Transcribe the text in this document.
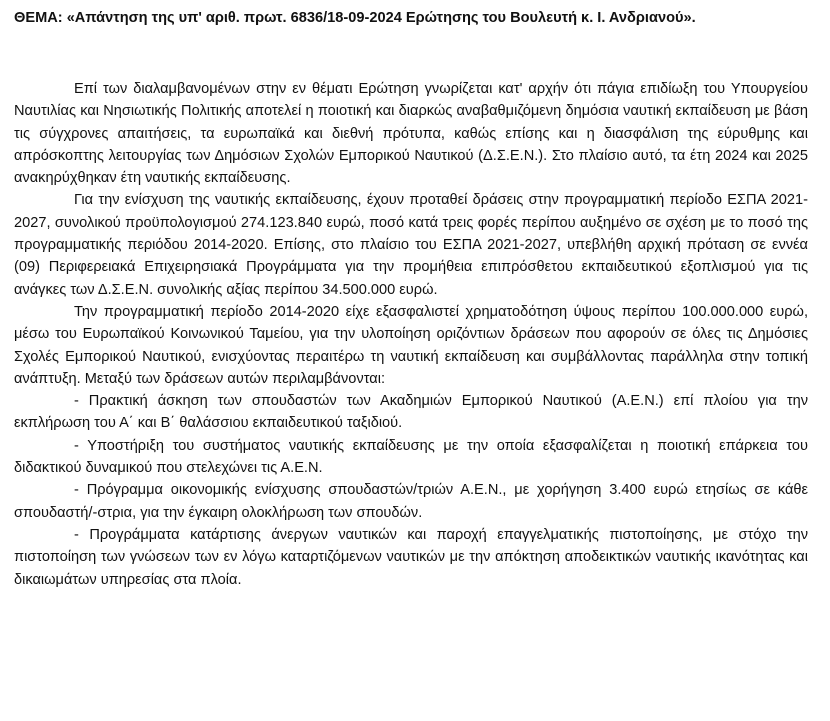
ΘΕΜΑ: «Απάντηση της υπ' αριθ. πρωτ. 6836/18-09-2024 Ερώτησης του Βουλευτή κ. Ι. Ανδριανού».

Επί των διαλαμβανομένων στην εν θέματι Ερώτηση γνωρίζεται κατ' αρχήν ότι πάγια επιδίωξη του Υπουργείου Ναυτιλίας και Νησιωτικής Πολιτικής αποτελεί η ποιοτική και διαρκώς αναβαθμιζόμενη δημόσια ναυτική εκπαίδευση με βάση τις σύγχρονες απαιτήσεις, τα ευρωπαϊκά και διεθνή πρότυπα, καθώς επίσης και η διασφάλιση της εύρυθμης και απρόσκοπτης λειτουργίας των Δημόσιων Σχολών Εμπορικού Ναυτικού (Δ.Σ.Ε.Ν.). Στο πλαίσιο αυτό, τα έτη 2024 και 2025 ανακηρύχθηκαν έτη ναυτικής εκπαίδευσης.

Για την ενίσχυση της ναυτικής εκπαίδευσης, έχουν προταθεί δράσεις στην προγραμματική περίοδο ΕΣΠΑ 2021-2027, συνολικού προϋπολογισμού 274.123.840 ευρώ, ποσό κατά τρεις φορές περίπου αυξημένο σε σχέση με το ποσό της προγραμματικής περιόδου 2014-2020. Επίσης, στο πλαίσιο του ΕΣΠΑ 2021-2027, υπεβλήθη αρχική πρόταση σε εννέα (09) Περιφερειακά Επιχειρησιακά Προγράμματα για την προμήθεια επιπρόσθετου εκπαιδευτικού εξοπλισμού για τις ανάγκες των Δ.Σ.Ε.Ν. συνολικής αξίας περίπου 34.500.000 ευρώ.

Την προγραμματική περίοδο 2014-2020 είχε εξασφαλιστεί χρηματοδότηση ύψους περίπου 100.000.000 ευρώ, μέσω του Ευρωπαϊκού Κοινωνικού Ταμείου, για την υλοποίηση οριζόντιων δράσεων που αφορούν σε όλες τις Δημόσιες Σχολές Εμπορικού Ναυτικού, ενισχύοντας περαιτέρω τη ναυτική εκπαίδευση και συμβάλλοντας παράλληλα στην τοπική ανάπτυξη. Μεταξύ των δράσεων αυτών περιλαμβάνονται:

- Πρακτική άσκηση των σπουδαστών των Ακαδημιών Εμπορικού Ναυτικού (Α.Ε.Ν.) επί πλοίου για την εκπλήρωση του Α΄ και Β΄ θαλάσσιου εκπαιδευτικού ταξιδιού.

- Υποστήριξη του συστήματος ναυτικής εκπαίδευσης με την οποία εξασφαλίζεται η ποιοτική επάρκεια του διδακτικού δυναμικού που στελεχώνει τις Α.Ε.Ν.

- Πρόγραμμα οικονομικής ενίσχυσης σπουδαστών/τριών Α.Ε.Ν., με χορήγηση 3.400 ευρώ ετησίως σε κάθε σπουδαστή/-στρια, για την έγκαιρη ολοκλήρωση των σπουδών.

- Προγράμματα κατάρτισης άνεργων ναυτικών και παροχή επαγγελματικής πιστοποίησης, με στόχο την πιστοποίηση των γνώσεων των εν λόγω καταρτιζόμενων ναυτικών με την απόκτηση αποδεικτικών ναυτικής ικανότητας και δικαιωμάτων υπηρεσίας στα πλοία.
